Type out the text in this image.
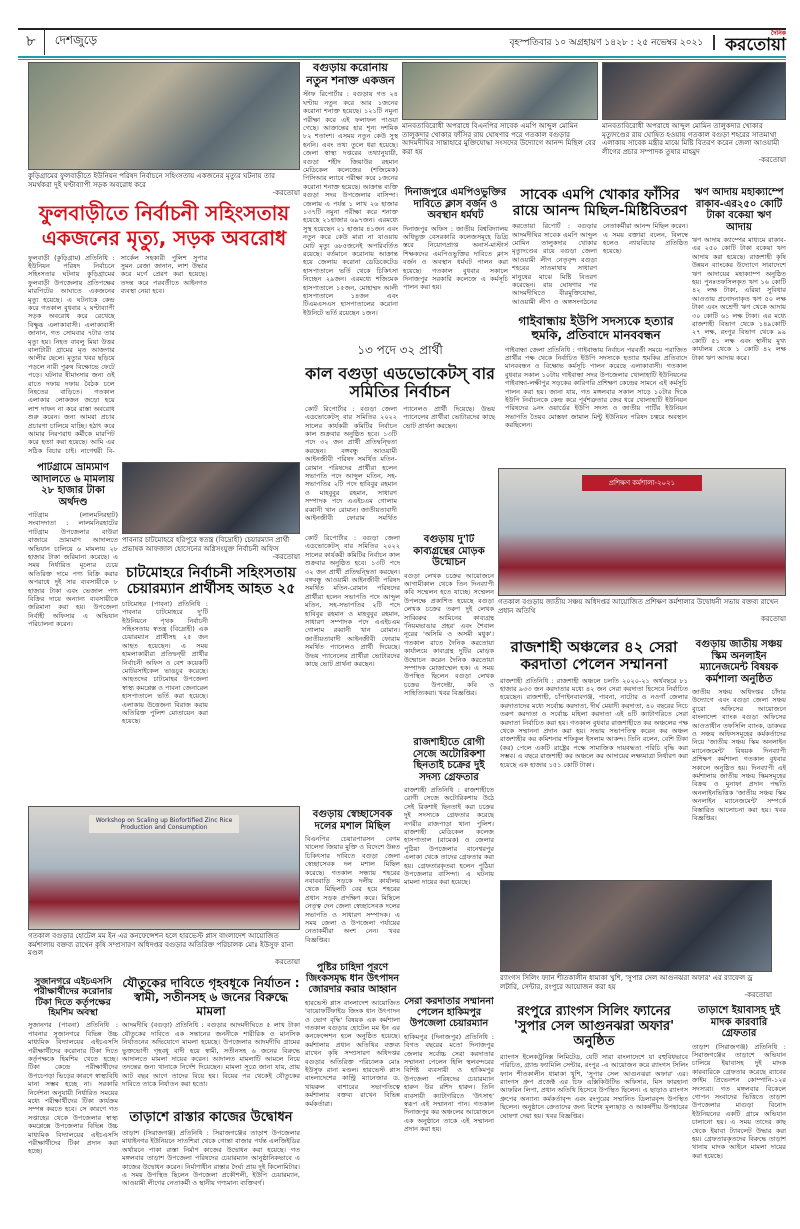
৮	দেশজুড়ে	বৃহস্পতিবার ১০ অগ্রহায়ণ ১৪২৮ : ২৫ নভেম্বর ২০২১
দৈনিক
করতোয়া
কুড়িগ্রামের ফুলবাড়ীতে ইউনিয়ন পরিষদ নির্বাচনে সহিংসতায় একজনের মৃত্যুর ঘটনায় তার সমর্থকরা দুই ঘণ্টাব্যাপী সড়ক অবরোধ করে
-করতোয়া
ফুলবাড়ীতে নির্বাচনী সহিংসতায়
একজনের মৃত্যু, সড়ক অবরোধ
ফুলবাড়ী (কুড়িগ্রাম) প্রতিনিধি : ইউনিয়ন পরিষদ নির্বাচনে সহিংসতার ঘটনায় কুড়িগ্রামের ফুলবাড়ী উপজেলায় প্রতিপক্ষের মারপিটের আঘাতে একজনের মৃত্যু হয়েছে। এ ঘটনাকে কেন্দ্র করে গতকাল বুধবার ২ ঘণ্টাব্যাপী সড়ক অবরোধ করে রেখেছে বিক্ষুব্ধ এলাকাবাসী। এলাকাবাসী জানান, গত সোমবার ৭টার তার মৃত্যু হয়। নিহত বাবলু মিয়া উত্তর বালাটারী গ্রামের মৃত আজগার আলীর ছেলে। মৃত্যুর খবর ছড়িয়ে পড়লে নারী পুরুষ বিক্ষোভে ফেটে পড়ে। ঘটনার ষীমাংসার জন্য ওই রাতে দফায় দফায় বৈঠক চলে নিহতের বাড়িতে। গতকাল এলাকার লোকজন জড়ো হয়ে লাশ দাফন না করে রাস্তা অবরোধ শুরু করেন। জন্য আমরা প্রচার প্রচারণা চালিয়ে যাচ্ছি। হঠাৎ করে আমার নিরপরাধ কর্মীকে মারপিট করে হত্যা করা হয়েছে। আমি এর সঠিক বিচার চাই। নাগেশ্বরী বি-সার্কেল সহকারী পুলিশ সুপার সুমন রেজা জানান, লাশ উদ্ধার করে মর্গে প্রেরণ করা হয়েছে। তদন্ত করে পরবর্তীতে আইনগত ব্যবস্থা নেয়া হবে।
বগুড়ায় করোনায় নতুন শনাক্ত একজন
স্টাফ রিপোর্টার : বগুড়ায় গত ২৪ ঘণ্টায় নতুন করে আর ১জনের করোনা শনাক্ত হয়েছে। ১২১টি নমুনা পরীক্ষা করে এই ফলাফল পাওয়া গেছে। আক্রান্তের হার শূন্য দশমিক ৮২ শতাংশ। এসময় নতুন কেউ সুস্থ হননি। এবং তথ্য তুলে ধরা হয়েছে। জেলা স্বাস্থ্য দপ্তরের তথ্যানুযায়ী, বগুড়া শহীদ জিয়াউর রহমান মেডিকেল কলেজের (শজিমেক) পিসিআর ল্যাবে পরীক্ষা করে ১জনের করোনা শনাক্ত হয়েছে। আক্রান্ত ব্যক্তি বগুড়া সদর উপজেলার বাসিন্দা। জেলায় এ পর্যন্ত ১ লাখ ২৬ হাজার ১৩৭টি নমুনা পরীক্ষা করে শনাক্ত হয়েছে ২১হাজার ৬৯৭জন। এরমধ্যে সুস্থ হয়েছেন ২১ হাজার ৪১জন এবং নতুন করে কেউ মারা না যাওয়ায় মোট মৃত্যু ৬৮৫জনেই অপরিবর্তিত রয়েছে। বর্তমানে করোনায় আক্রান্ত হয়ে জেলায় করোনা ডেডিকেটেড হাসপাতালে ভর্তি থেকে চিকিৎসা নিচ্ছেন ২৯জন। এরমধ্যে শজিমেক হাসপাতালে ১৫জন, মোহাম্মদ আলী হাসপাতালে ১৪জন এবং টিএমএসএস হাসপাতালের করোনা ইউনিটে ভর্তি রয়েছেন ১জন।
মানবতাবিরোধী অপরাধে বিএনপির সাবেক এমপি আব্দুল মোমিন তালুকদার খোকার ফাঁসির রায় ঘোষণার পরে গতকাল বগুড়ার আদমদীঘির সান্তাহারে মুক্তিযোদ্ধা সংসদের উদ্যোগে আনন্দ মিছিল বের করা হয়
মানবতাবিরোধী অপরাধে আব্দুল মোমিন তালুকদার খোকার মৃত্যুদণ্ডের রায় ঘোষিত হওয়ায় গতকাল বগুড়া শহরের সাতমাথা এলাকায় সাবেক মন্ত্রীর মাঝে মিষ্টি বিতরণ করেন জেলা আওয়ামী লীগের প্রচার সম্পাদক তুষার মাহমুদ
-করতোয়া
দিনাজপুরে এমপিওভুক্তির দাবিতে ক্লাস বর্জন ও অবস্থান ধর্মঘট
দিনাজপুর অফিস : জাতীয় বিশ্ববিদ্যালয় অধিভুক্ত বেসরকারি কলেজসমূহে ডিগ্রি স্তরে নিয়োগপ্রাপ্ত অনার্স-মাস্টার্স শিক্ষকদের এমপিওভুক্তির দাবিতে ক্লাস বর্জন ও অবস্থান ধর্মঘট পালন করা হয়েছে। গতকাল বুধবার সকালে দিনাজপুর সরকারি কলেজে এ কর্মসূচি পালন করা হয়।
সাবেক এমপি খোকার ফাঁসির রায়ে আনন্দ মিছিল-মিষ্টিবিতরণ
করতোয়া রিপোর্ট : বগুড়ার আদমদীঘির সাবেক এমপি আব্দুল মোমিন তালুকদার খোকার মৃত্যুদণ্ডের রায়ে বগুড়া জেলা আওয়ামী লীগ নেতৃবৃন্দ বগুড়া শহরের সাতমাথায় সাধারণ মানুষের মাঝে মিষ্টি বিতরণ করেছেন। রায় ঘোষণার পর আদমদীঘিতে বীরমুক্তিযোদ্ধা, আওয়ামী লীগ ও অঙ্গসংগঠনের নেতাকর্মীরা আনন্দ মিছিল করেন। এ সময় বক্তারা বলেন, বিলম্বে হলেও ন্যায়বিচার প্রতিষ্ঠিত হয়েছে।
ঋণ আদায় মহাক্যাম্পে রাকাব-এর২৫০ কোটি টাকা বকেয়া ঋণ আদায়
ঋণ আদায় ক্যাম্পের মাধ্যমে রাকাব-এর ২৫০ কোটি টাকা বকেয়া ঋণ আদায় করা হয়েছে। রাজশাহী কৃষি উন্নয়ন ব্যাংকের উদ্যোগে সারাদেশে ঋণ আদায়ের মহাক্যাম্প অনুষ্ঠিত হয়। পুনঃতফসিলকৃত ঋণ ১৬ কোটি ৪২ লক্ষ টাকা, এরিয়া সুবিধার আওতায় প্রনোদনাকৃত ঋণ ৫০ লক্ষ টাকা এবং অশ্রেণী ঋণ থেকে আদায় ৩০ কোটি ৬১ লক্ষ টাকা। এর মধ্যে রাজশাহী বিভাগ থেকে ১৪৯কোটি ২৭ লক্ষ, রংপুর বিভাগ থেকে ৯৯ কোটি ৫১ লক্ষ এবং স্থানীয় মুখ্য কার্যালয় থেকে ১ কোটি ৪২ লক্ষ টাকা ঋণ আদায় করে।
গাইবান্ধায় ইউপি সদস্যকে হত্যার হুমকি, প্রতিবাদে মানববন্ধন
গাইবান্ধা জেলা প্রতিনিধি : গাইবান্ধায় নির্বাচন পরবর্তী সময়ে পরাজিত প্রার্থীর পক্ষ থেকে নির্বাচিত ইউপি সদস্যকে হত্যার হুমকির প্রতিবাদে মানববন্ধন ও বিক্ষোভ কর্মসূচি পালন করেছে এলাকাবাসী। গতকাল বুধবার সকাল ১০টায় গাইবান্ধা সদর উপজেলার খোলাহাটি ইউনিয়নের গাইবান্ধা-লক্ষীপুর সড়কের কারিগরি প্রশিক্ষণ কেন্দ্রের সামনে এই কর্মসূচি পালন করা হয়। জানা যায়, গত মঙ্গলবার সকাল সাড়ে ১০টার দিকে ইউপি নির্বাচনকে কেন্দ্র করে পূর্বশত্রুতার জের ধরে খোলাহাটি ইউনিয়ন পরিষদের ৯নং ওয়ার্ডের ইউপি সদস্য ও জাতীয় পার্টির ইউনিয়ন সভাপতি তৈয়ব মোস্তফা জামাল মিন্টু ইউনিয়ন পরিষদ চত্বরে অবস্থান করছিলেন।
১৩ পদে ৩২ প্রার্থী
কাল বগুড়া এডভোকেটস্ বার সমিতির নির্বাচন
কোর্ট রিপোর্টার : বগুড়া জেলা এডভোকেটস্ বার সমিতির ২০২২ সালের কার্যকরী কমিটির নির্বাচন কাল শুক্রবার অনুষ্ঠিত হবে। ১৩টি পদে ৩২ জন প্রার্থী প্রতিদ্বন্দ্বিতা করছেন। বঙ্গবন্ধু আওয়ামী আইনজীবী পরিষদ সমর্থিত মতিন-রোমান পরিষদের প্রার্থীরা হলেন সভাপতি পদে আব্দুল মতিন, সহ-সভাপতির ২টি পদে হাবিবুর রহমান ও মাহবুবুর রহমান, সাধারণ সম্পাদক পদে এএইচএম গোলাম রব্বানী খান রোমান। জাতীয়তাবাদী আইনজীবী ফোরাম সমর্থিত প্যানেলও প্রার্থী দিয়েছে। উভয় প্যানেলের প্রার্থীরা ভোটারদের কাছে ভোট প্রার্থনা করছেন।
কোর্ট রিপোর্টার : বগুড়া জেলা এডভোকেটস্ বার সমিতির ২০২২ সালের কার্যকরী কমিটির নির্বাচন কাল শুক্রবার অনুষ্ঠিত হবে। ১৩টি পদে ৩২ জন প্রার্থী প্রতিদ্বন্দ্বিতা করছেন। বঙ্গবন্ধু আওয়ামী আইনজীবী পরিষদ সমর্থিত মতিন-রোমান পরিষদের প্রার্থীরা হলেন সভাপতি পদে আব্দুল মতিন, সহ-সভাপতির ২টি পদে হাবিবুর রহমান ও মাহবুবুর রহমান, সাধারণ সম্পাদক পদে এএইচএম গোলাম রব্বানী খান রোমান। জাতীয়তাবাদী আইনজীবী ফোরাম সমর্থিত প্যানেলও প্রার্থী দিয়েছে। উভয় প্যানেলের প্রার্থীরা ভোটারদের কাছে ভোট প্রার্থনা করছেন।
পাটগ্রামে ভ্রাম্যমাণ আদালতে ৬ মামলায় ২৮ হাজার টাকা অর্থদণ্ড
পাটগ্রাম (লালমনিরহাট) সংবাদদাতা : লালমনিরহাটের পাটগ্রাম উপজেলার বাউরা বাজারে ভ্রাম্যমাণ আদালতে অভিযান চালিয়ে ৬ মামলায় ২৮ হাজার টাকা জরিমানা করেছে। এ সময় নির্ধারিত মূল্যের চেয়ে অতিরিক্ত দামে পণ্য বিক্রি করার অপরাধে দুই সার ব্যবসায়ীকে ৮ হাজার টাকা এবং ভেজাল পণ্য বিক্রির দায়ে অন্যান্য ব্যবসায়ীকে জরিমানা করা হয়। উপজেলা নির্বাহী অফিসার এ অভিযান পরিচালনা করেন।
পাবনার চাটমোহরে হরিপুরে স্বতন্ত্র (বিদ্রোহী) চেয়ারম্যান প্রার্থী প্রভাষক আফজাল হোসেনের অগ্নিসংযুক্ত নির্বাচনী অফিস
-করতোয়া
চাটমোহরে নির্বাচনী সহিংসতায় চেয়ারম্যান প্রার্থীসহ আহত ২৫
চাটমোহর (পাবনা) প্রতিনিধি : পাবনার চাটমোহরে দু'টি ইউনিয়নে পৃথক নির্বাচনী সহিংসতায় স্বতন্ত্র (বিদ্রোহী) এক চেয়ারম্যান প্রার্থীসহ ২৫ জন আহত হয়েছেন। এ সময় হামলাকারীরা প্রতিদ্বন্দ্বী প্রার্থীর নির্বাচনী অফিস ও বেশ কয়েকটি মোটরসাইকেল ভাঙচুর করেছে। আহতদের চাটমোহর উপজেলা স্বাস্থ্য কমপ্লেক্স ও পাবনা জেনারেল হাসপাতালে ভর্তি করা হয়েছে। এলাকায় উত্তেজনা বিরাজ করায় অতিরিক্ত পুলিশ মোতায়েন করা হয়েছে।
প্রশিক্ষণ কর্মশালা-২০২১
গতকাল বগুড়ায় জাতীয় সঞ্চয় অধিদপ্তর আয়োজিত প্রশিক্ষণ কর্মশালার উদ্বোধনী সভায় বক্তব্য রাখেন প্রধান অতিথি
করতোয়া
বগুড়ায় দু'টি কাব্যগ্রন্থের মোড়ক উন্মোচন
বগুড়া লেখক চক্রের আয়োজনে আগামীকাল থেকে তিন দিনব্যাপী কবি সম্মেলন হতে যাচ্ছে। সম্মেলন উপলক্ষে প্রকাশিত হয়েছে বগুড়া লেখক চক্রের তরুণ দুই লেখক সাব্বিরুর আমিনের কাব্যগ্রন্থ 'নিয়মভাঙার প্রহর' এবং শৈবাল নূরের 'অসিমি ও অসমী মধুক'। গতকাল রাতে দৈনিক করতোয়া কার্যালয়ে কাব্যগ্রন্থ দুটির মোড়ক উন্মোচন করেন দৈনিক করতোয়া সম্পাদক মোজাম্মেল হক। এ সময় উপস্থিত ছিলেন বগুড়া লেখক চক্রের উপদেষ্টা, কবি ও সাহিত্যিকরা। খবর বিজ্ঞপ্তির।
রাজশাহী অঞ্চলের ৪২ সেরা করদাতা পেলেন সম্মাননা
রাজশাহী প্রতিনিধি : রাজশাহী অঞ্চলে চলতি ২০২০-২১ অর্থবছরে ৮১ হাজার ৯৩৩ জন করদাতার মধ্যে ৪২ জন সেরা করদাতা হিসেবে নির্বাচিত হয়েছেন। রাজশাহী, চাঁপাইনবাবগঞ্জ, পাবনা, নাটোর ও নওগাঁ জেলার করদাতাদের মধ্যে সর্বোচ্চ করদাতা, দীর্ঘ মেয়াদী করদাতা, ৪০ বছরের নিচে তরুণ করদাতা ও সর্বোচ্চ মহিলা করদাতা এই ৪টি ক্যাটাগরিতে সেরা করদাতা নির্বাচিত করা হয়। গতকাল বুধবার রাজশাহীতে কর অঞ্চলের পক্ষ থেকে সম্মাননা প্রদান করা হয়। সভায় সভাপতিত্ব করেন কর অঞ্চল রাজশাহীর কর কমিশনার শফিকুল ইসলাম আকন্দ। তিনি বলেন, বেশি টিকা (কর) পেলে একটি রাষ্ট্রের পক্ষে সামাজিক দায়বদ্ধতা পরিচি বৃদ্ধি করা সম্ভব। এ বছরে রাজশাহী কর অঞ্চলে কর আদায়ের লক্ষ্যমাত্রা নির্ধারণ করা হয়েছে এক হাজার ১৫১ কোটি টাকা।
বগুড়ায় জাতীয় সঞ্চয় স্কিম অনলাইন ম্যানেজমেন্ট বিষয়ক কর্মশালা অনুষ্ঠিত
জাতীয় সঞ্চয় অধিদপ্তর চাঁদার উদ্যোগে এবং বগুড়া জেলা সঞ্চয় ব্যুরো অফিসের আয়োজনে বাংলাদেশ ব্যাংক বগুড়া অফিসের আওতাধীন তফসিলি ব্যাংক, ডাকঘর ও সঞ্চয় অফিসসমূহের কর্মকর্তাদের নিয়ে 'জাতীয় সঞ্চয় স্কিম অনলাইন ম্যানেজমেন্ট' বিষয়ক দিনব্যাপী প্রশিক্ষণ কর্মশালা গতকাল বুধবার সকালে অনুষ্ঠিত হয়। দিনব্যাপী এই কর্মশালায় জাতীয় সঞ্চয় স্কিমসমূহের বিক্রয় ও মুনাফা প্রদান পদ্ধতি অনলাইনভিত্তিক 'জাতীয় সঞ্চয় স্কিম অনলাইন ম্যানেজমেন্ট' সম্পর্কে বিস্তারিত আলোচনা করা হয়। খবর বিজ্ঞপ্তির।
রাজশাহীতে রোগী সেজে অটোরিকশা ছিনতাই চক্রের দুই সদস্য গ্রেফতার
রাজশাহী প্রতিনিধি : রাজশাহীতে রোগী সেজে অটোরিকশায় উঠে সেই রিকশাই ছিনতাই করা চক্রের দুই সদস্যকে গ্রেফতার করেছে নগরীর রাজপাড়া থানা পুলিশ। রাজশাহী মেডিকেল কলেজ হাসপাতাল (রামেক) ও জেলার পুঠিয়া উপজেলার বানেশ্বরপুর এলাকা থেকে তাদের গ্রেফতার করা হয়। গ্রেফতারকৃতরা হলেন পুঠিয়া উপজেলার বাসিন্দা। এ ঘটনায় মামলা দায়ের করা হয়েছে।
বগুড়ায় স্বেচ্ছাসেবক দলের মশাল মিছিল
বিএনপির চেয়ারপারসন বেগম খালেদা জিয়ার মুক্তি ও বিদেশে উন্নত চিকিৎসার দাবিতে বগুড়া জেলা স্বেচ্ছাসেবক দল মশাল মিছিল করেছে। গতকাল সন্ধ্যায় শহরের নবাববাড়ি সড়কে দলীয় কার্যালয় থেকে মিছিলটি বের হয়ে শহরের প্রধান সড়ক প্রদক্ষিণ করে। মিছিলে নেতৃত্ব দেন জেলা স্বেচ্ছাসেবক দলের সভাপতি ও সাধারণ সম্পাদক। এ সময় জেলা ও উপজেলা পর্যায়ের নেতাকর্মীরা অংশ নেন। খবর বিজ্ঞপ্তির।
Workshop on Scaling up Biofortified Zinc Rice Production and Consumption
গতকাল বগুড়ার হোটেল মম ইন এর কনফেন্সেশন হলে হারভেস্ট প্লাস বাংলাদেশ আয়োজিত কর্মশালায় বক্তব্য রাখেন কৃষি সম্প্রসারণ অধিদপ্তর বগুড়ার অতিরিক্ত পরিচালক মোঃ ইউসুফ রানা মণ্ডল
করতোয়া
পুষ্টির চাহিদা পূরণে জিংকসমৃদ্ধ ধান উৎপাদন জোরদার করার আহ্বান
হারভেস্ট প্লাস বাংলাদেশ আয়োজিত 'বায়োফর্টিফাইড জিংক ধান উৎপাদন ও ভোগ বৃদ্ধি' বিষয়ক এক কর্মশালা গতকাল বগুড়ার হোটেল মম ইন এর কনফেন্সেশন হলে অনুষ্ঠিত হয়েছে। কর্মশালায় প্রধান অতিথির বক্তব্য রাখেন কৃষি সম্প্রসারণ অধিদপ্তর বগুড়ার অতিরিক্ত পরিচালক মোঃ ইউসুফ রানা মণ্ডল। হারভেস্ট প্লাস বাংলাদেশের কান্ট্রি ম্যানেজার ড. খায়রুল বাশারের সভাপতিত্বে কর্মশালায় বক্তব্য রাখেন বিভিন্ন কর্মকর্তারা।
সুজানগরে এইচএসসি পরীক্ষার্থীদের করোনার টিকা দিতে কর্তৃপক্ষের হিমশিম অবস্থা
সুজানগর (পাবনা) প্রতিনিধি : পাবনার সুজানগরে বিভিন্ন উচ্চ মাধ্যমিক বিদ্যালয়ের এইচএসসি পরীক্ষার্থীদের করোনার টিকা দিতে কর্তৃপক্ষকে হিমশিম খেতে হচ্ছে। টিকা কেন্দ্রে পরীক্ষার্থীদের উপচেপড়া ভিড়ের কারণে স্বাস্থ্যবিধি মানা সম্ভব হচ্ছে না। সরকারি নির্দেশনা অনুযায়ী নির্ধারিত সময়ের মধ্যে পরীক্ষার্থীদের টিকা কার্যক্রম সম্পন্ন করতে হবে। সে কারণে গত সপ্তাহের থেকে উপজেলার স্বাস্থ্য কমপ্লেক্সে উপজেলার বিভিন্ন উচ্চ মাধ্যমিক বিদ্যালয়ের এইচএসসি পরীক্ষার্থীদের টিকা প্রদান করা হচ্ছে।
যৌতুকের দাবিতে গৃহবধূকে নির্যাতন : স্বামী, সতীনসহ ৬ জনের বিরুদ্ধে মামলা
আদমদীঘি (বগুড়া) প্রতিনিধি : বগুড়ার আদমদীঘিতে ৫ লাখ টাকা যৌতুকের দাবিতে এক সন্তানের জননীকে শারীরিক ও মানসিক নির্যাতনের অভিযোগে মামলা হয়েছে। উপজেলার আদমদীঘি গ্রামের ভুক্তভোগী গৃহবধূ বাদী হয়ে স্বামী, সতীনসহ ৬ জনের বিরুদ্ধে আদালতে মামলা দায়ের করেন। আদালত মামলাটি আমলে নিয়ে তদন্তের জন্য থানাকে নির্দেশ দিয়েছেন। মামলা সূত্রে জানা যায়, প্রায় আট বছর আগে তাদের বিয়ে হয়। বিয়ের পর থেকেই যৌতুকের দাবিতে তাকে নির্যাতন করা হতো।
তাড়াশে রাস্তার কাজের উদ্বোধন
তাড়াশ (সিরাজগঞ্জ) প্রতিনিধি : সিরাজগঞ্জের তাড়াশ উপজেলার মাধাইনগর ইউনিয়নে সাতশিরা থেকে গোন্তা বাজার পর্যন্ত এলজিইডির অর্থায়নে পাকা রাস্তা নির্মাণ কাজের উদ্বোধন করা হয়েছে। গত মঙ্গলবার তাড়াশ উপজেলা পরিষদের চেয়ারম্যান আনুষ্ঠানিকভাবে এ কাজের উদ্বোধন করেন। নির্মাণাধীন রাস্তার দৈর্ঘ্য প্রায় দুই কিলোমিটার। এ সময় উপস্থিত ছিলেন উপজেলা প্রকৌশলী, ইউপি চেয়ারম্যান, আওয়ামী লীগের নেতাকর্মী ও স্থানীয় গণ্যমান্য ব্যক্তিবর্গ।
সেরা করদাতার সম্মাননা পেলেন হাকিমপুর উপজেলা চেয়ারম্যান
হাকিমপুর (দিনাজপুর) প্রতিনিধি : বিগত বছরের মতো দিনাজপুর জেলার সর্বোচ্চ সেরা করদাতার সম্মাননা পেলেন হিলি স্থলবন্দরের বিশিষ্ট ব্যবসায়ী ও হাকিমপুর উপজেলা পরিষদের চেয়ারম্যান হারুন উর রশিদ হারুন। তিনি ব্যবসায়ী ক্যাটাগরিতে 'উৎসাহ' স্বরূপ এই সম্মাননা পান। গতকাল দিনাজপুর কর অঞ্চলের আয়োজনে এক অনুষ্ঠানে তাকে এই সম্মাননা প্রদান করা হয়।
র‍্যাংগস সিলিং ফ্যান শীতকালীন ধামাকা খুশি, 'সুপার সেল আগুনঝরা অফার' এর র‍্যাফেল ড্র লটারি, সেন্টার, রংপুরে আয়োজন করা হয়
-করতোয়া
রংপুরে র‍্যাংগস সিলিং ফ্যানের 'সুপার সেল আগুনঝরা অফার' অনুষ্ঠিত
র‍্যাংগস ইলেকট্রনিক্স লিমিটেড, যেটি সারা বাংলাদেশে যা বহুবিধভাবে পরিচিত, গ্র্যান্ড ফ্যামিলি সেন্টার, রংপুর -এ আয়োজন করে র‍্যাংগস সিলিং ফ্যান শীতকালীন ধামাকা খুশি, 'সুপার সেল আগুনঝরা অফার' এর। র‍্যাংগস গ্রুপ প্রজেক্ট এর চিফ এক্সিকিউটিভ অফিসার, মিস ফারহানা আফরিন লিপা, প্রধান অতিথি হিসেবে উপস্থিত ছিলেন। এ ছাড়াও র‍্যাংগস গ্রুপের অন্যান্য কর্মকর্তাবৃন্দ এবং রংপুরের সম্মানিত ডিলারবৃন্দ উপস্থিত ছিলেন। অনুষ্ঠানে ক্রেতাদের জন্য বিশেষ মূল্যছাড় ও আকর্ষণীয় উপহারের ঘোষণা দেয়া হয়। খবর বিজ্ঞপ্তির।
তাড়াশে ইয়াবাসহ দুই মাদক কারবারি গ্রেফতার
তাড়াশ (সিরাজগঞ্জ) প্রতিনিধি : সিরাজগঞ্জের তাড়াশে অভিযান চালিয়ে ইয়াবাসহ দুই মাদক কারবারিকে গ্রেফতার করেছে র‍্যাবের ক্রাইম প্রিভেনশন কোম্পানি-১২র সদস্যরা। গত মঙ্গলবার বিকেলে গোপন সংবাদের ভিত্তিতে তাড়াশ উপজেলার মাগুড়া বিনোদ ইউনিয়নের একটি গ্রামে অভিযান চালানো হয়। এ সময় তাদের কাছ থেকে ইয়াবা ট্যাবলেট উদ্ধার করা হয়। গ্রেফতারকৃতদের বিরুদ্ধে তাড়াশ থানায় মাদক আইনে মামলা দায়ের করা হয়েছে।
